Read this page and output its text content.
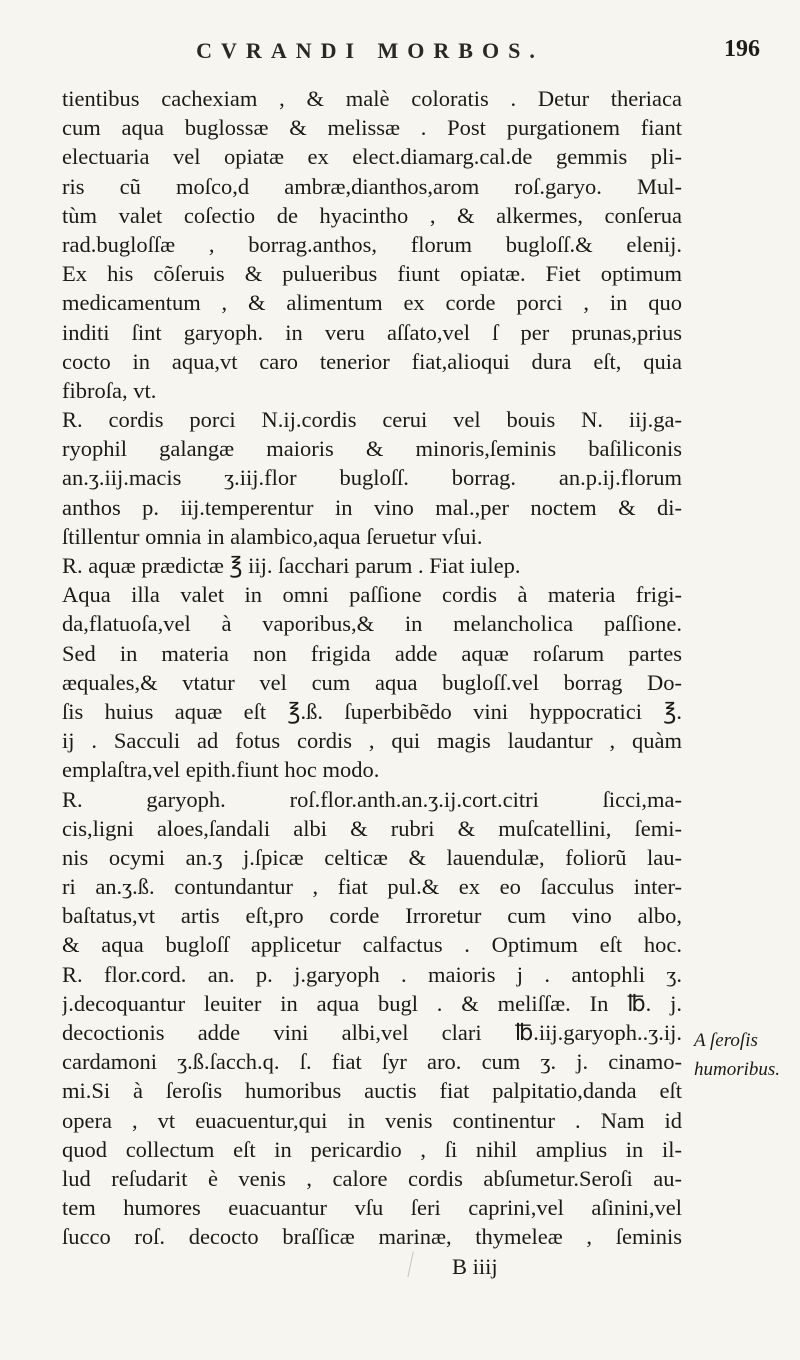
CVRANDI MORBOS.	196
tientibus cachexiam , & malè coloratis . Detur theriaca
cum aqua buglossæ & melissæ . Post purgationem fiant
electuaria vel opiatæ ex elect.diamarg.cal.de gemmis pli-
ris cũ moſco,d ambræ,dianthos,arom roſ.garyo. Mul-
tùm valet coſectio de hyacintho , & alkermes, conſerua
rad.bugloſſæ , borrag.anthos, florum bugloſſ.& elenij.
Ex his cõſeruis & pulueribus fiunt opiatæ. Fiet optimum
medicamentum , & alimentum ex corde porci , in quo
inditi ſint garyoph. in veru aſſato,vel ſ per prunas,prius
cocto in aqua,vt caro tenerior fiat,alioqui dura eſt, quia
fibroſa, vt.
R. cordis porci N.ij.cordis cerui vel bouis N. iij.ga-
ryophil galangæ maioris & minoris,ſeminis baſiliconis
an.ʒ.iij.macis ʒ.iij.flor bugloſſ. borrag. an.p.ij.florum
anthos p. iij.temperentur in vino mal.,per noctem & di-
ſtillentur omnia in alambico,aqua ſeruetur vſui.
R. aquæ prædictæ ℥ iij. ſacchari parum . Fiat iulep.
Aqua illa valet in omni paſſione cordis à materia frigi-
da,flatuoſa,vel à vaporibus,& in melancholica paſſione.
Sed in materia non frigida adde aquæ roſarum partes
æquales,& vtatur vel cum aqua bugloſſ.vel borrag Do-
ſis huius aquæ eſt ℥.ß. ſuperbibẽdo vini hyppocratici ℥.
ij . Sacculi ad fotus cordis , qui magis laudantur , quàm
emplaſtra,vel epith.fiunt hoc modo.
R. garyoph. roſ.flor.anth.an.ʒ.ij.cort.citri ſicci,ma-
cis,ligni aloes,ſandali albi & rubri & muſcatellini, ſemi-
nis ocymi an.ʒ j.ſpicæ celticæ & lauendulæ, foliorũ lau-
ri an.ʒ.ß. contundantur , fiat pul.& ex eo ſacculus inter-
baſtatus,vt artis eſt,pro corde Irroretur cum vino albo,
& aqua bugloſſ applicetur calfactus . Optimum eſt hoc.
R. flor.cord. an. p. j.garyoph . maioris j . antophli ʒ.
j.decoquantur leuiter in aqua bugl . & meliſſæ. In ℔. j.
decoctionis adde vini albi,vel clari ℔.iij.garyoph..ʒ.ij.
cardamoni ʒ.ß.ſacch.q. ſ. fiat ſyr aro. cum ʒ. j. cinamo-
mi.Si à ſeroſis humoribus auctis fiat palpitatio,danda eſt
opera , vt euacuentur,qui in venis continentur . Nam id
quod collectum eſt in pericardio , ſi nihil amplius in il-
lud reſudarit è venis , calore cordis abſumetur.Seroſi au-
tem humores euacuantur vſu ſeri caprini,vel aſinini,vel
ſucco roſ. decocto braſſicæ marinæ, thymeleæ , ſeminis
B iiij
A ſeroſis
humoribus.
